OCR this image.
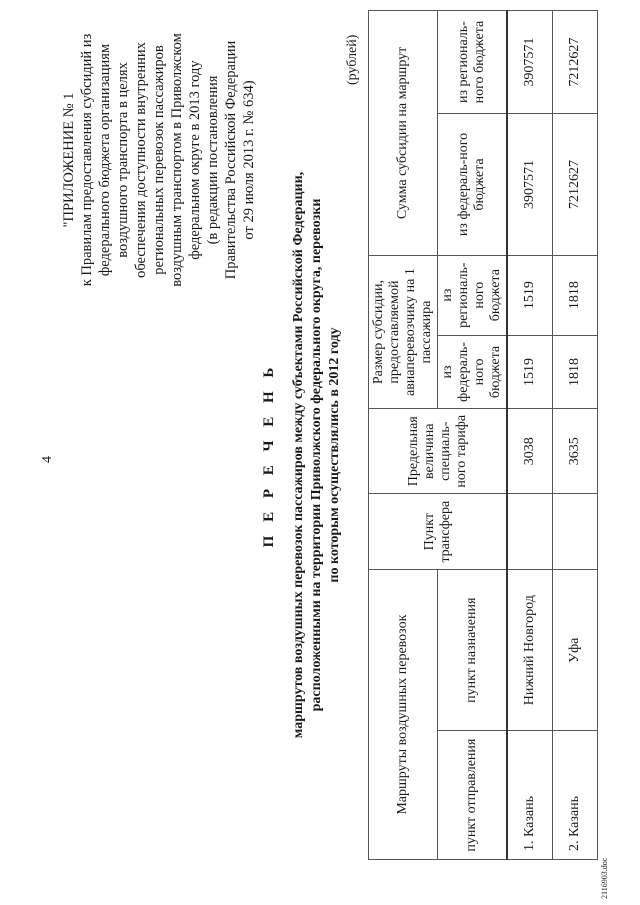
4
"ПРИЛОЖЕНИЕ № 1 к Правилам предоставления субсидий из федерального бюджета организациям воздушного транспорта в целях обеспечения доступности внутренних региональных перевозок пассажиров воздушным транспортом в Приволжском федеральном округе в 2013 году (в редакции постановления Правительства Российской Федерации от 29 июля 2013 г. № 634)
П Е Р Е Ч Е Н Ь маршрутов воздушных перевозок пассажиров между субъектами Российской Федерации, расположенными на территории Приволжского федерального округа, перевозки по которым осуществлялись в 2012 году
(рублей)
Маршруты воздушных перевозок		Пункт трансфера	Предельная величина специаль-ного тарифа	Размер субсидии, предоставляемой авиаперевозчику на 1 пассажира		Сумма субсидии на маршрут	
пункт отправления	пункт назначения			из федераль-ного бюджета	из региональ-ного бюджета	из федераль-ного бюджета	из региональ-ного бюджета

1. Казань	Нижний Новгород		3038	1519	1519	3907571	3907571
2. Казань	Уфа		3635	1818	1818	7212627	7212627
2116903.doc
